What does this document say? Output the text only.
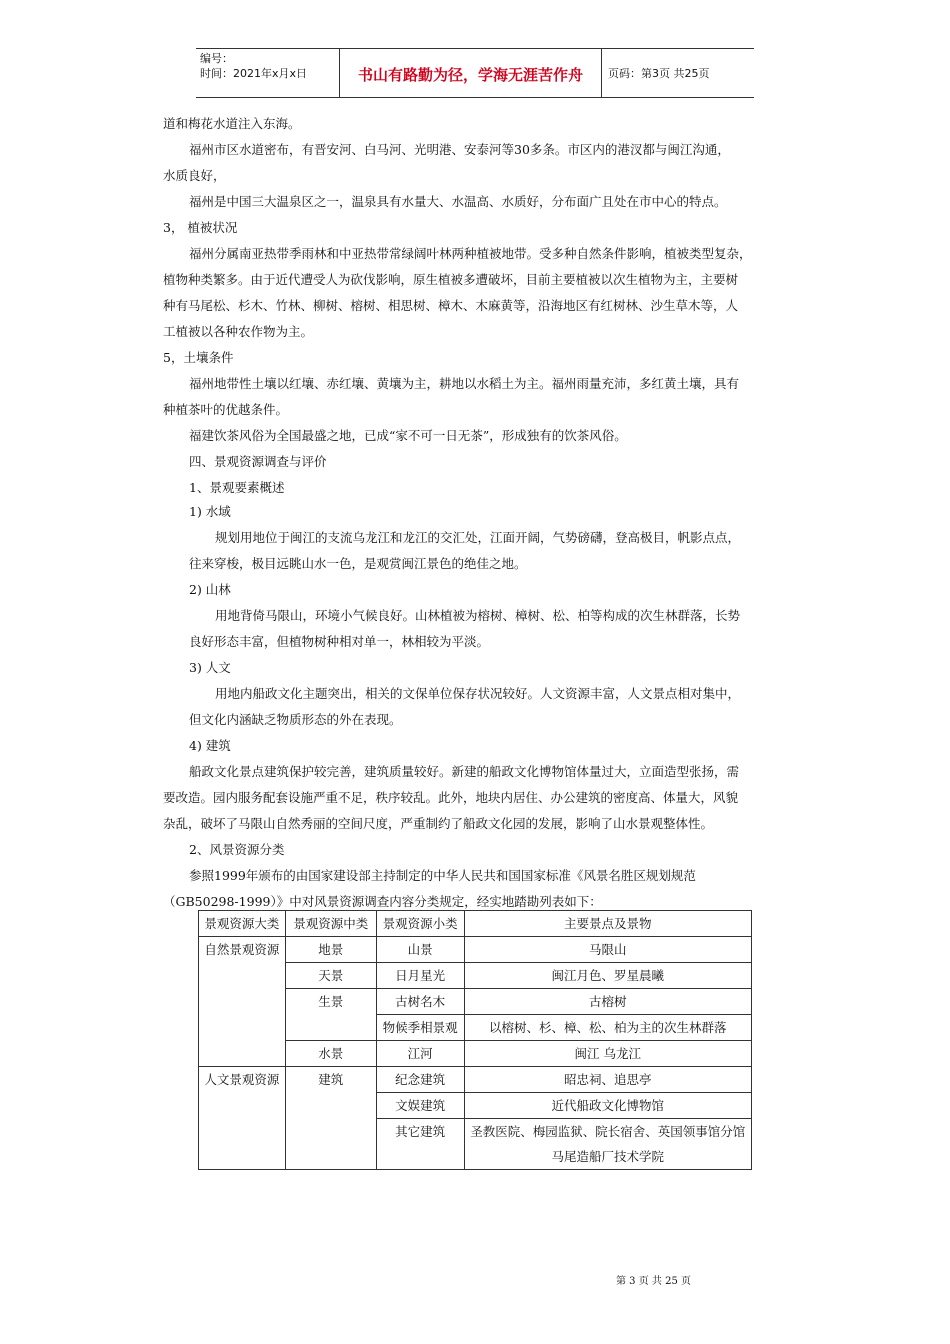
编号：
时间：2021年x月x日	书山有路勤为径，学海无涯苦作舟	页码：第3页 共25页
道和梅花水道注入东海。
福州市区水道密布，有晋安河、白马河、光明港、安泰河等30多条。市区内的港汊都与闽江沟通，
水质良好，
福州是中国三大温泉区之一，温泉具有水量大、水温高、水质好，分布面广且处在市中心的特点。
3， 植被状况
福州分属南亚热带季雨林和中亚热带常绿阔叶林两种植被地带。受多种自然条件影响，植被类型复杂，
植物种类繁多。由于近代遭受人为砍伐影响，原生植被多遭破坏，目前主要植被以次生植物为主，主要树
种有马尾松、杉木、竹林、柳树、榕树、相思树、樟木、木麻黄等，沿海地区有红树林、沙生草木等，人
工植被以各种农作物为主。
5，土壤条件
福州地带性土壤以红壤、赤红壤、黄壤为主，耕地以水稻土为主。福州雨量充沛，多红黄土壤，具有
种植茶叶的优越条件。
福建饮茶风俗为全国最盛之地，已成“家不可一日无茶”，形成独有的饮茶风俗。
四、景观资源调查与评价
1、景观要素概述
1) 水域
规划用地位于闽江的支流乌龙江和龙江的交汇处，江面开阔，气势磅礴，登高极目，帆影点点，
往来穿梭，极目远眺山水一色，是观赏闽江景色的绝佳之地。
2) 山林
用地背倚马限山，环境小气候良好。山林植被为榕树、樟树、松、柏等构成的次生林群落，长势
良好形态丰富，但植物树种相对单一，林相较为平淡。
3) 人文
用地内船政文化主题突出，相关的文保单位保存状况较好。人文资源丰富，人文景点相对集中，
但文化内涵缺乏物质形态的外在表现。
4) 建筑
船政文化景点建筑保护较完善，建筑质量较好。新建的船政文化博物馆体量过大，立面造型张扬，需
要改造。园内服务配套设施严重不足，秩序较乱。此外，地块内居住、办公建筑的密度高、体量大，风貌
杂乱，破坏了马限山自然秀丽的空间尺度，严重制约了船政文化园的发展，影响了山水景观整体性。
2、风景资源分类
参照1999年颁布的由国家建设部主持制定的中华人民共和国国家标准《风景名胜区规划规范
（GB50298-1999）》中对风景资源调查内容分类规定，经实地踏勘列表如下：
景观资源大类	景观资源中类	景观资源小类	主要景点及景物
自然景观资源	地景	山景	马限山
	天景	日月星光	闽江月色、罗星晨曦
	生景	古树名木	古榕树
		物候季相景观	以榕树、杉、樟、松、柏为主的次生林群落
	水景	江河	闽江 乌龙江
人文景观资源	建筑	纪念建筑	昭忠祠、追思亭
		文娱建筑	近代船政文化博物馆
		其它建筑	圣教医院、梅园监狱、院长宿舍、英国领事馆分馆
马尾造船厂技术学院
第 3 页 共 25 页
